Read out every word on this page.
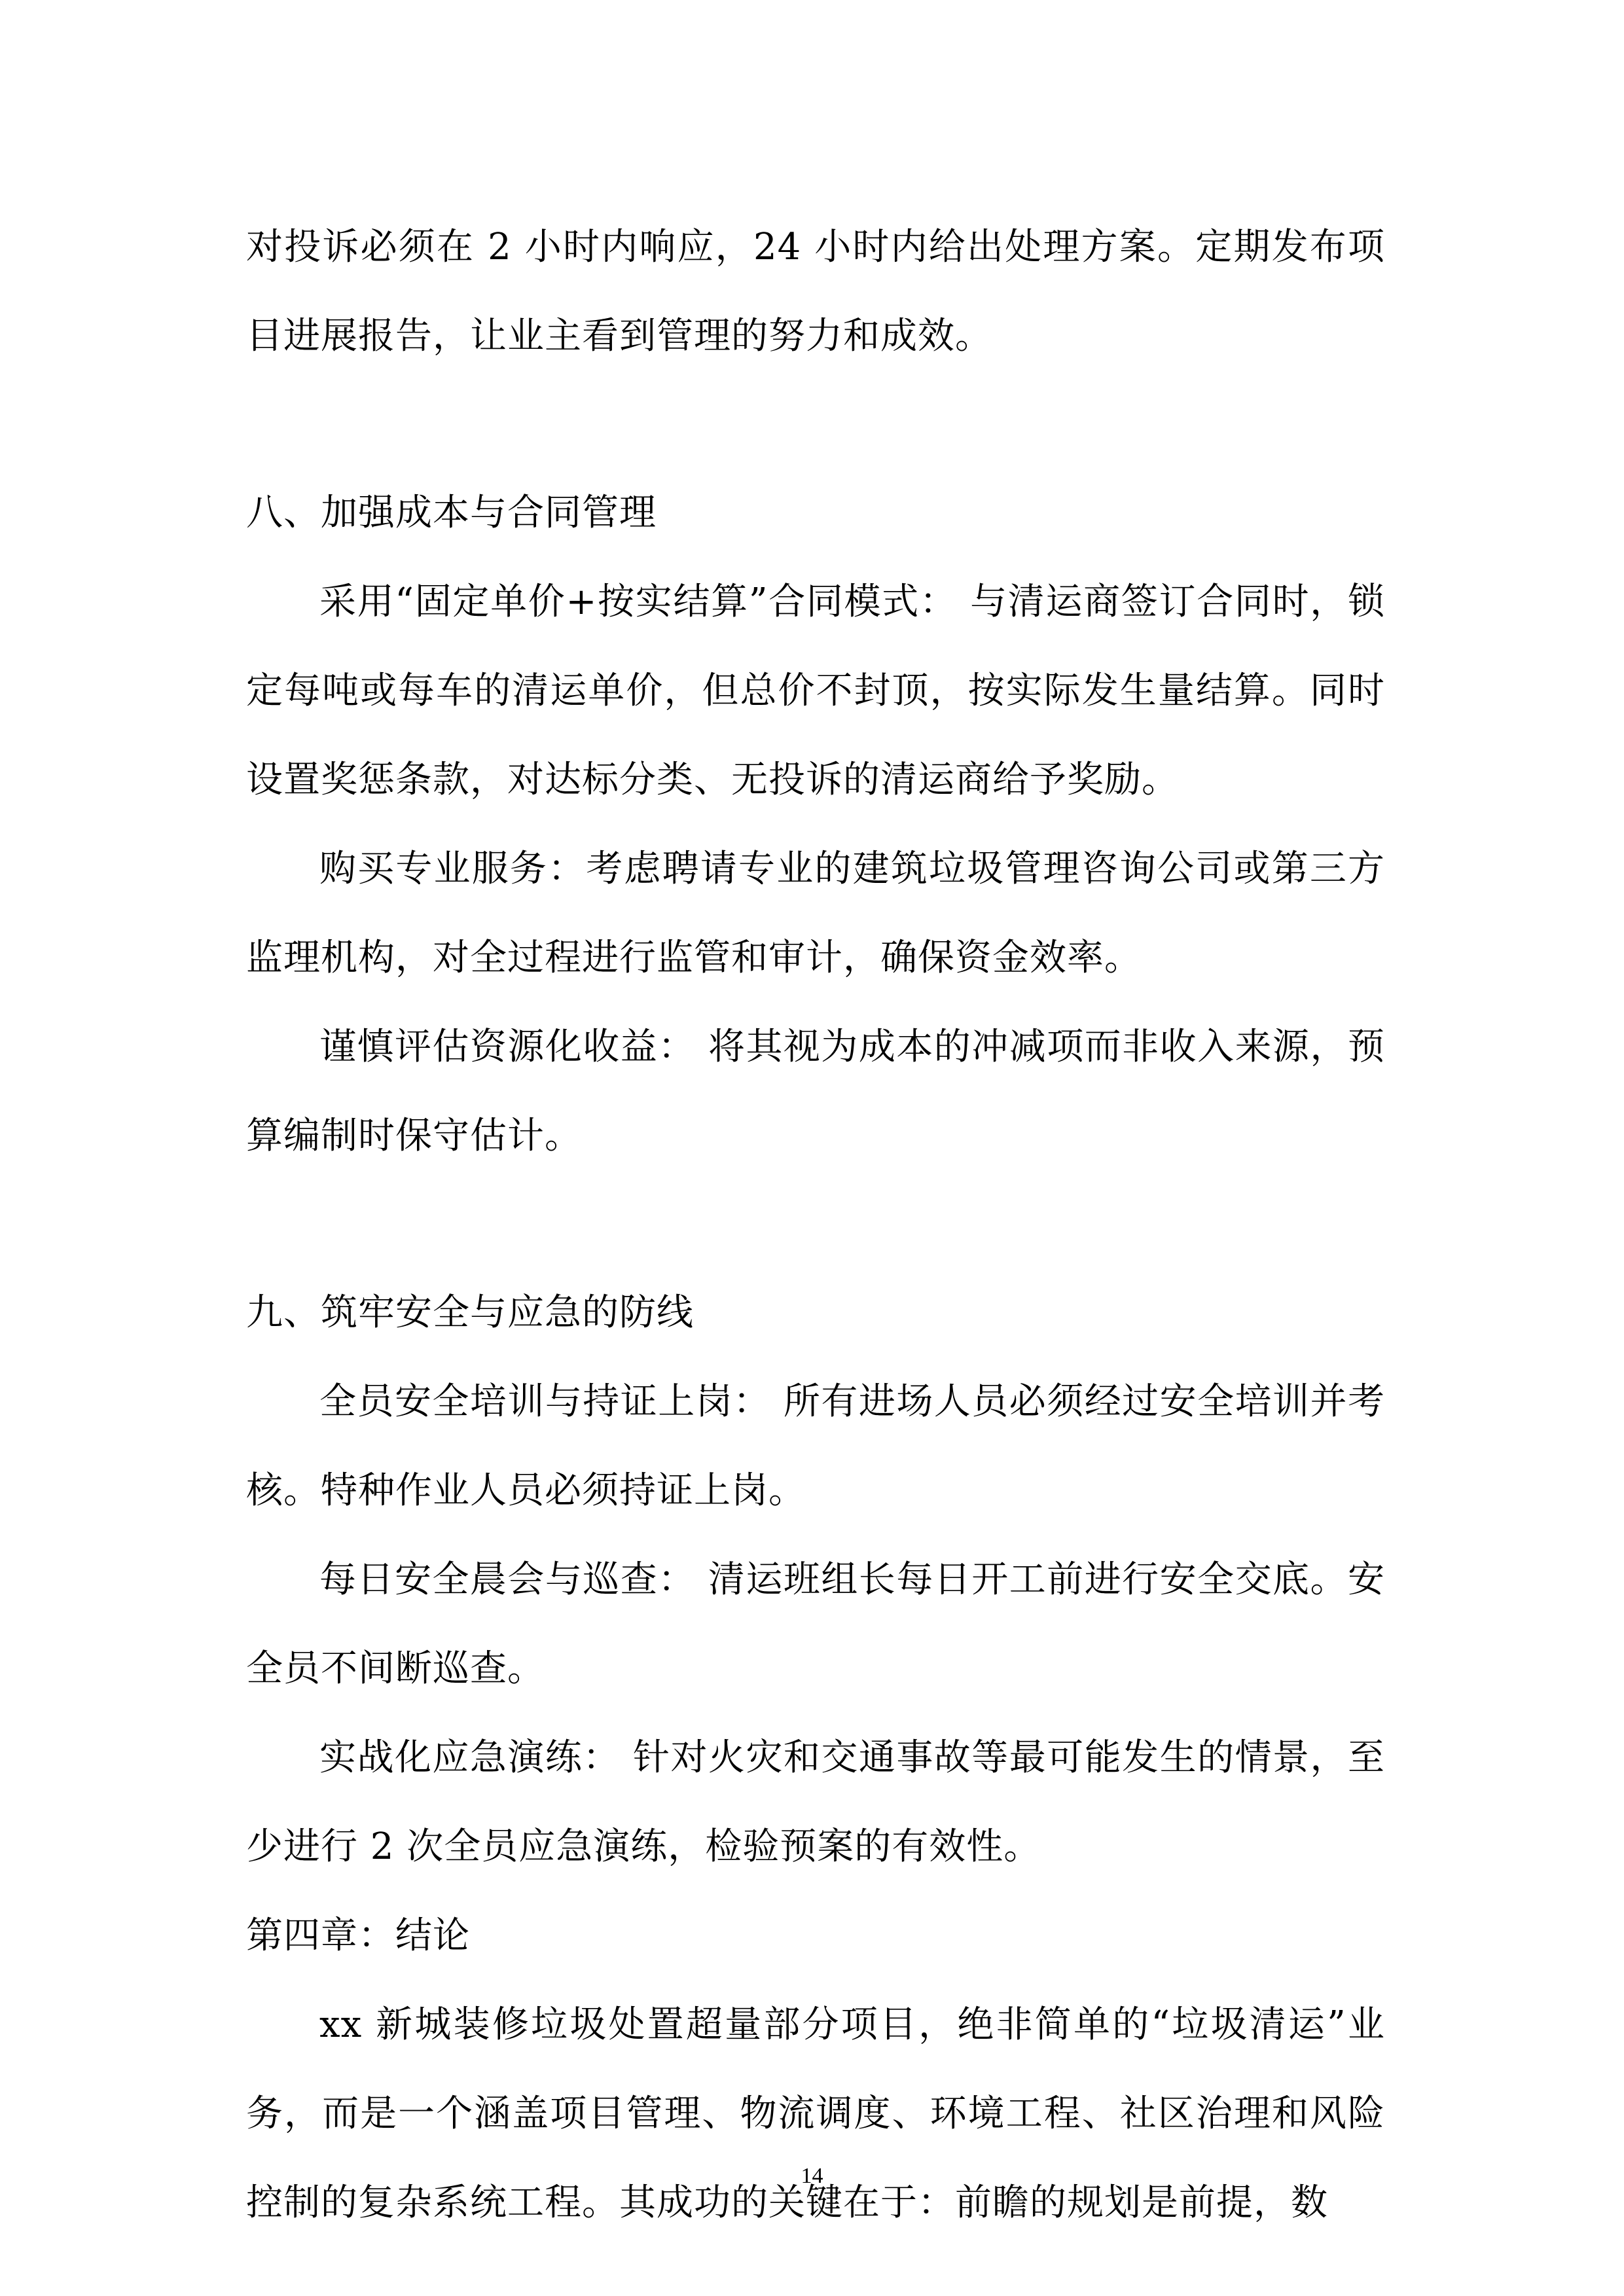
对投诉必须在 2 小时内响应，24 小时内给出处理方案。定期发布项目进展报告，让业主看到管理的努力和成效。

八、加强成本与合同管理

采用“固定单价+按实结算”合同模式： 与清运商签订合同时，锁定每吨或每车的清运单价，但总价不封顶，按实际发生量结算。同时设置奖惩条款，对达标分类、无投诉的清运商给予奖励。

购买专业服务：考虑聘请专业的建筑垃圾管理咨询公司或第三方监理机构，对全过程进行监管和审计，确保资金效率。

谨慎评估资源化收益： 将其视为成本的冲减项而非收入来源，预算编制时保守估计。

九、筑牢安全与应急的防线

全员安全培训与持证上岗： 所有进场人员必须经过安全培训并考核。特种作业人员必须持证上岗。

每日安全晨会与巡查： 清运班组长每日开工前进行安全交底。安全员不间断巡查。

实战化应急演练： 针对火灾和交通事故等最可能发生的情景，至少进行 2 次全员应急演练，检验预案的有效性。

第四章：结论

xx 新城装修垃圾处置超量部分项目，绝非简单的“垃圾清运”业务，而是一个涵盖项目管理、物流调度、环境工程、社区治理和风险控制的复杂系统工程。其成功的关键在于：前瞻的规划是前提，数

14
